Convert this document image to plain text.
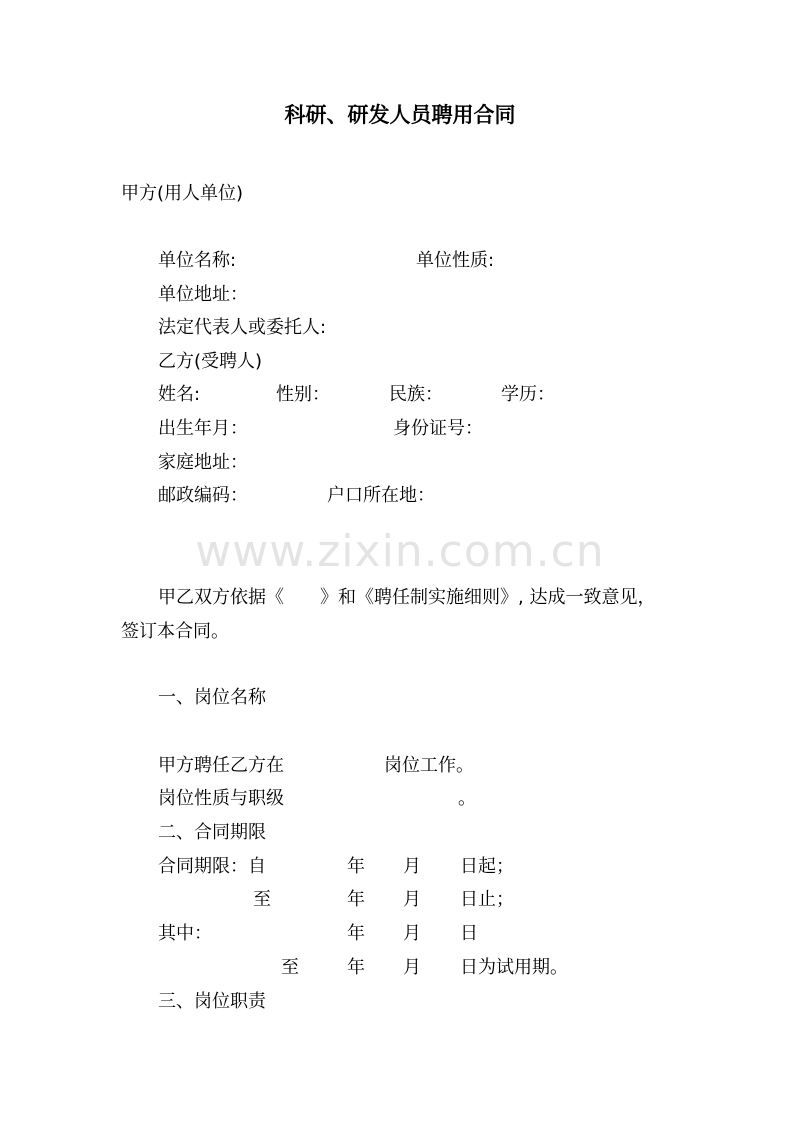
科研、研发人员聘用合同
甲方(用人单位)
单位名称:	单位性质:
单位地址：
法定代表人或委托人:
乙方(受聘人)
姓名:	性别：	民族：	学历：
出生年月：	身份证号：
家庭地址：
邮政编码：	户口所在地：
www.zixin.com.cn
甲乙双方依据《　　》和《聘任制实施细则》, 达成一致意见，
签订本合同。
一、岗位名称
甲方聘任乙方在	岗位工作。
岗位性质与职级	。
二、合同期限
合同期限：自	年 月 日起；
至	年 月 日止；
其中：	年 月 日
至	年 月 日为试用期。
三、岗位职责
